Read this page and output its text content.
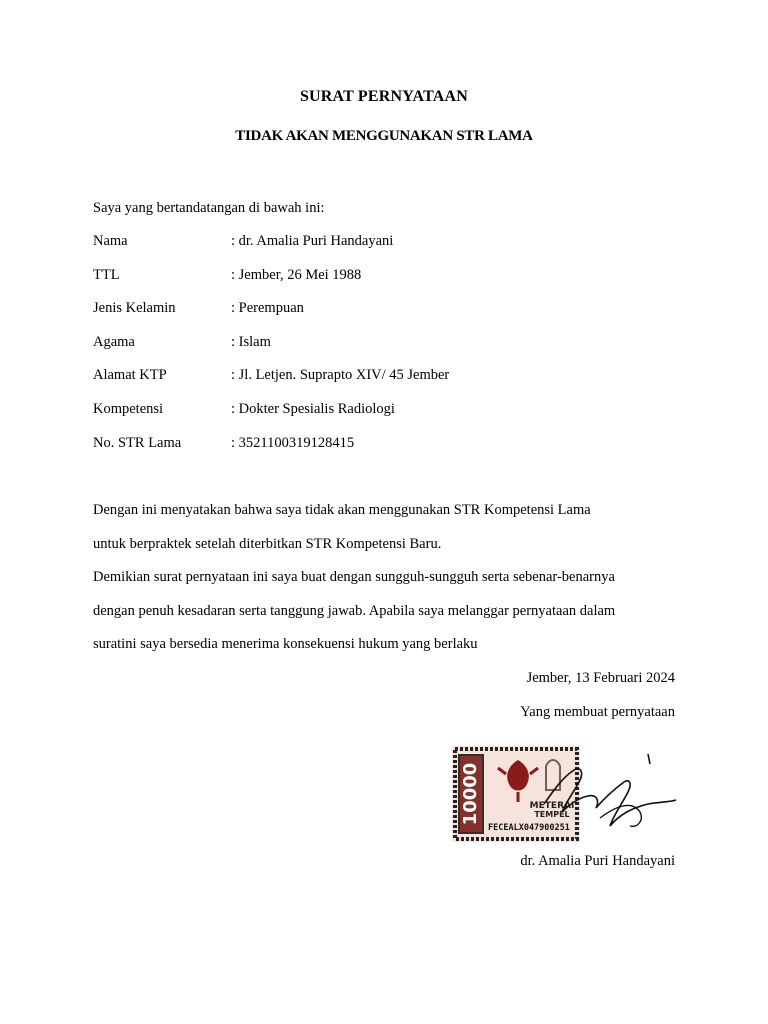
SURAT PERNYATAAN
TIDAK AKAN MENGGUNAKAN STR LAMA
Saya yang bertandatangan di bawah ini:
Nama	: dr. Amalia Puri Handayani
TTL	: Jember, 26 Mei 1988
Jenis Kelamin	: Perempuan
Agama	: Islam
Alamat KTP	: Jl. Letjen. Suprapto XIV/ 45 Jember
Kompetensi	: Dokter Spesialis Radiologi
No. STR Lama	: 3521100319128415
Dengan ini menyatakan bahwa saya tidak akan menggunakan STR Kompetensi Lama
untuk berpraktek setelah diterbitkan STR Kompetensi Baru.
Demikian surat pernyataan ini saya buat dengan sungguh-sungguh serta sebenar-benarnya
dengan penuh kesadaran serta tanggung jawab. Apabila saya melanggar pernyataan dalam
suratini saya bersedia menerima konsekuensi hukum yang berlaku
Jember, 13 Februari 2024
Yang membuat pernyataan
10000	METERAI
TEMPEL
FECEALX047900251
dr. Amalia Puri Handayani
